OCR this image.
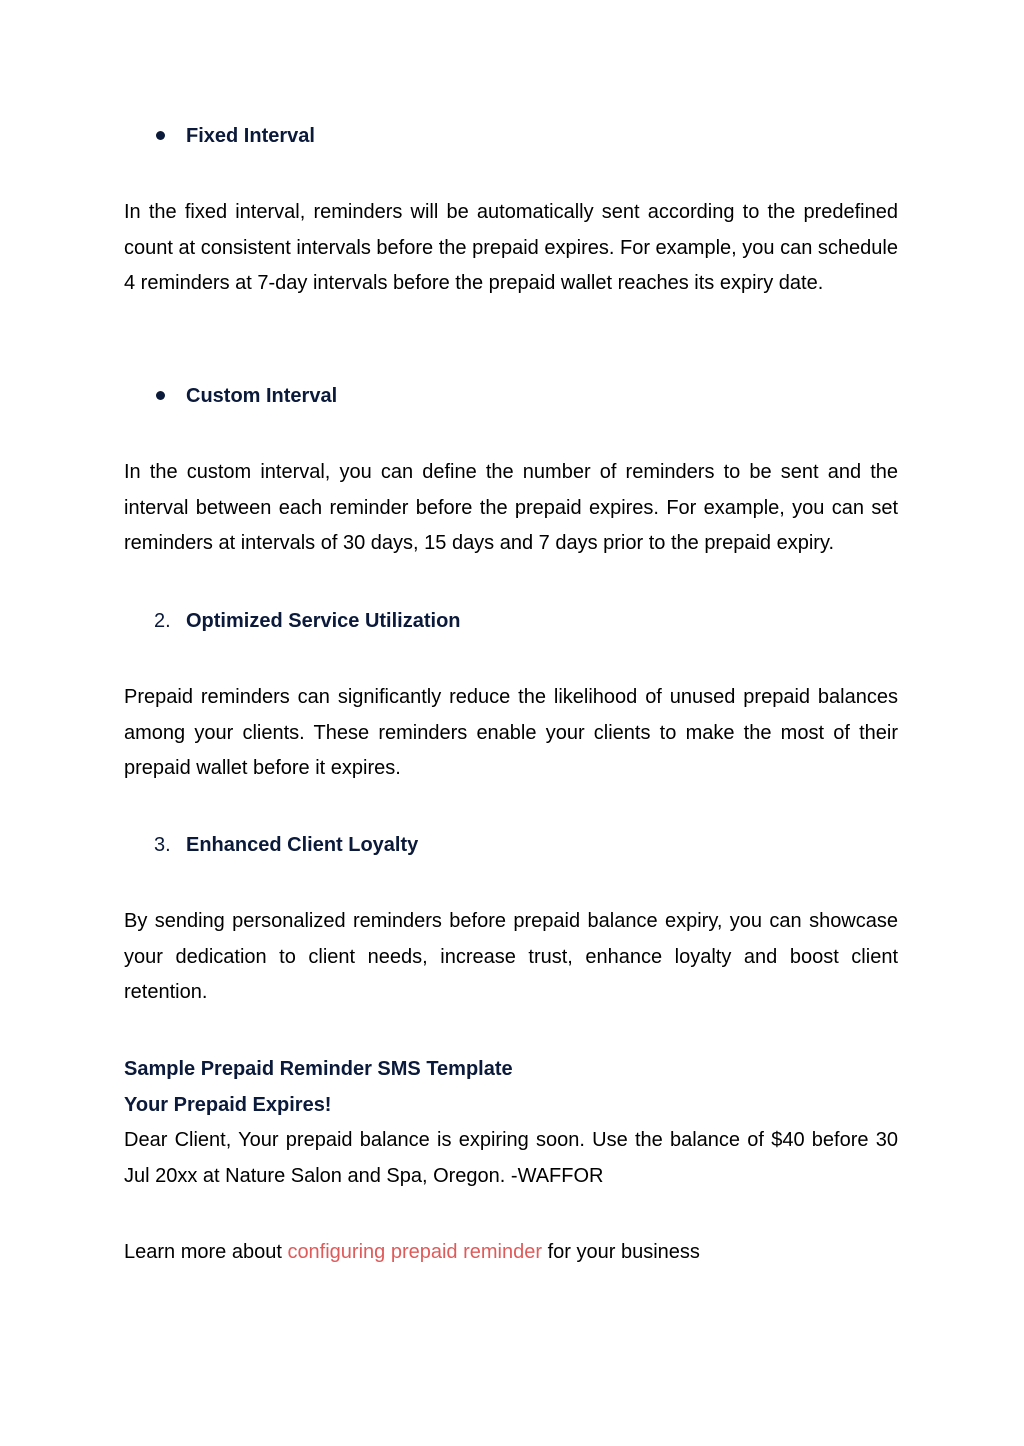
Fixed Interval

In the fixed interval, reminders will be automatically sent according to the predefined count at consistent intervals before the prepaid expires. For example, you can schedule 4 reminders at 7-day intervals before the prepaid wallet reaches its expiry date.

Custom Interval

In the custom interval, you can define the number of reminders to be sent and the interval between each reminder before the prepaid expires. For example, you can set reminders at intervals of 30 days, 15 days and 7 days prior to the prepaid expiry.

2. Optimized Service Utilization

Prepaid reminders can significantly reduce the likelihood of unused prepaid balances among your clients. These reminders enable your clients to make the most of their prepaid wallet before it expires.

3. Enhanced Client Loyalty

By sending personalized reminders before prepaid balance expiry, you can showcase your dedication to client needs, increase trust, enhance loyalty and boost client retention.

Sample Prepaid Reminder SMS Template
Your Prepaid Expires!

Dear Client, Your prepaid balance is expiring soon. Use the balance of $40 before 30 Jul 20xx at Nature Salon and Spa, Oregon. -WAFFOR

Learn more about configuring prepaid reminder for your business
